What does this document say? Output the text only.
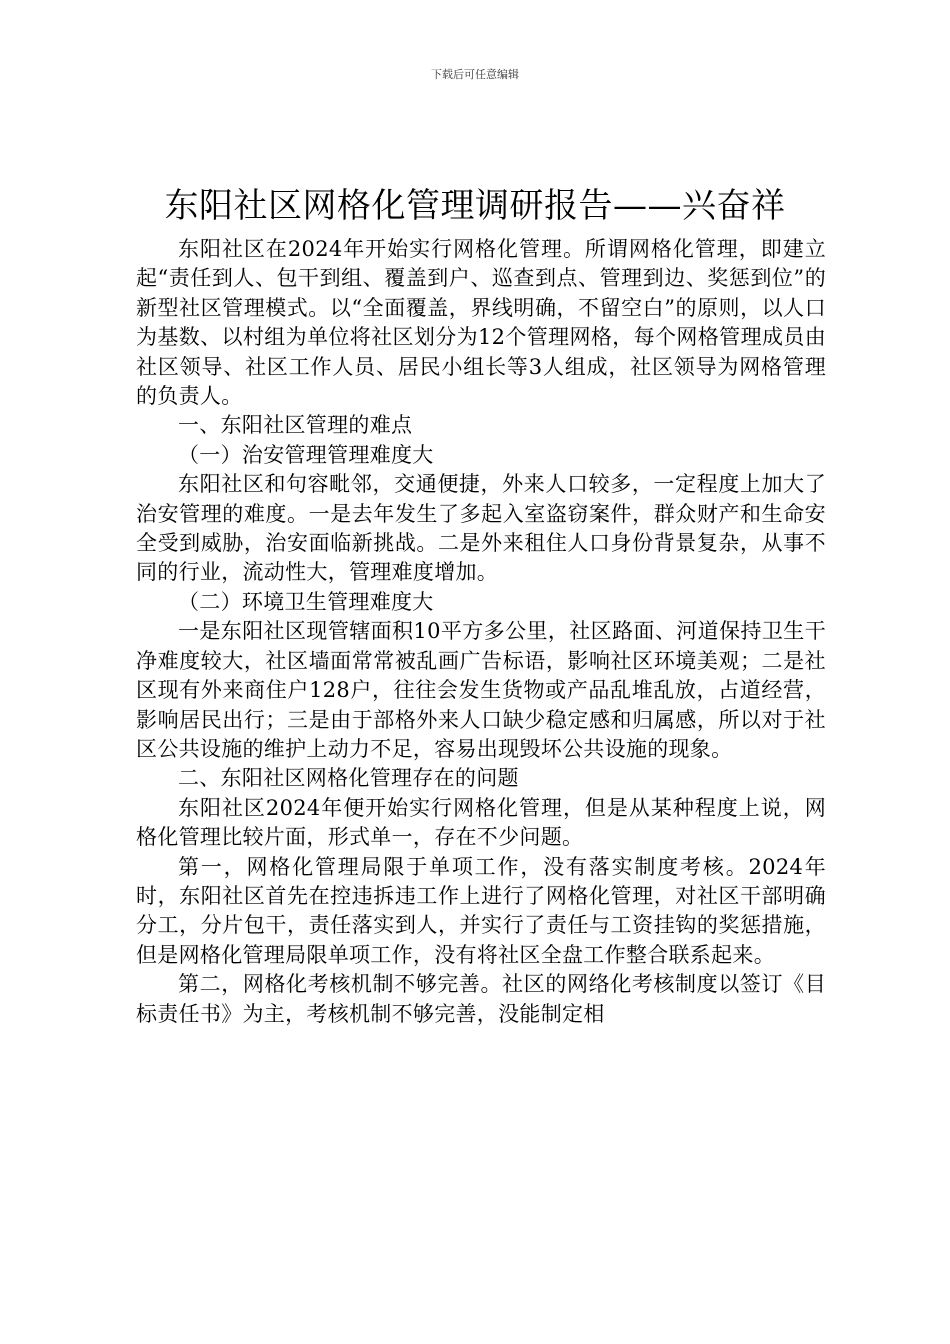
下载后可任意编辑
东阳社区网格化管理调研报告——兴奋祥

东阳社区在2024年开始实行网格化管理。所谓网格化管理，即建立起“责任到人、包干到组、覆盖到户、巡查到点、管理到边、奖惩到位”的新型社区管理模式。以“全面覆盖，界线明确，不留空白”的原则，以人口为基数、以村组为单位将社区划分为12个管理网格，每个网格管理成员由社区领导、社区工作人员、居民小组长等3人组成，社区领导为网格管理的负责人。

一、东阳社区管理的难点

（一）治安管理管理难度大

东阳社区和句容毗邻，交通便捷，外来人口较多，一定程度上加大了治安管理的难度。一是去年发生了多起入室盗窃案件，群众财产和生命安全受到威胁，治安面临新挑战。二是外来租住人口身份背景复杂，从事不同的行业，流动性大，管理难度增加。

（二）环境卫生管理难度大

一是东阳社区现管辖面积10平方多公里，社区路面、河道保持卫生干净难度较大，社区墙面常常被乱画广告标语，影响社区环境美观；二是社区现有外来商住户128户，往往会发生货物或产品乱堆乱放，占道经营，影响居民出行；三是由于部格外来人口缺少稳定感和归属感，所以对于社区公共设施的维护上动力不足，容易出现毁坏公共设施的现象。

二、东阳社区网格化管理存在的问题

东阳社区2024年便开始实行网格化管理，但是从某种程度上说，网格化管理比较片面，形式单一，存在不少问题。

第一，网格化管理局限于单项工作，没有落实制度考核。2024年时，东阳社区首先在控违拆违工作上进行了网格化管理，对社区干部明确分工，分片包干，责任落实到人，并实行了责任与工资挂钩的奖惩措施，但是网格化管理局限单项工作，没有将社区全盘工作整合联系起来。

第二，网格化考核机制不够完善。社区的网络化考核制度以签订《目标责任书》为主，考核机制不够完善，没能制定相
